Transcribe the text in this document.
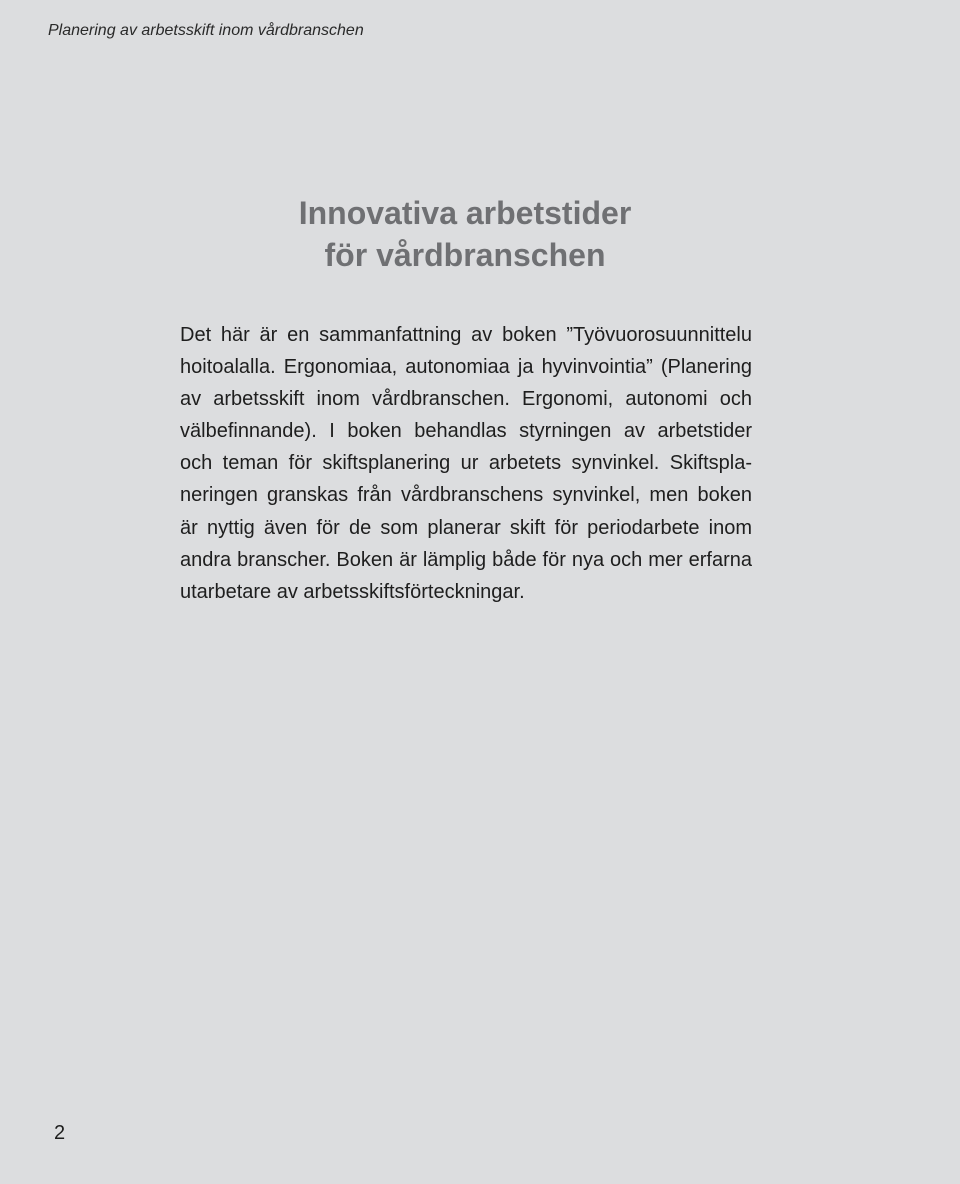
Planering av arbetsskift inom vårdbranschen
Innovativa arbetstider
för vårdbranschen
Det här är en sammanfattning av boken ”Työvuorosuunnittelu
hoitoalalla. Ergonomiaa, autonomiaa ja hyvinvointia” (Planering
av arbetsskift inom vårdbranschen. Ergonomi, autonomi och
välbefinnande). I boken behandlas styrningen av arbetstider
och teman för skiftsplanering ur arbetets synvinkel. Skiftspla-
neringen granskas från vårdbranschens synvinkel, men boken
är nyttig även för de som planerar skift för periodarbete inom
andra branscher. Boken är lämplig både för nya och mer erfarna
utarbetare av arbetsskiftsförteckningar.
2
